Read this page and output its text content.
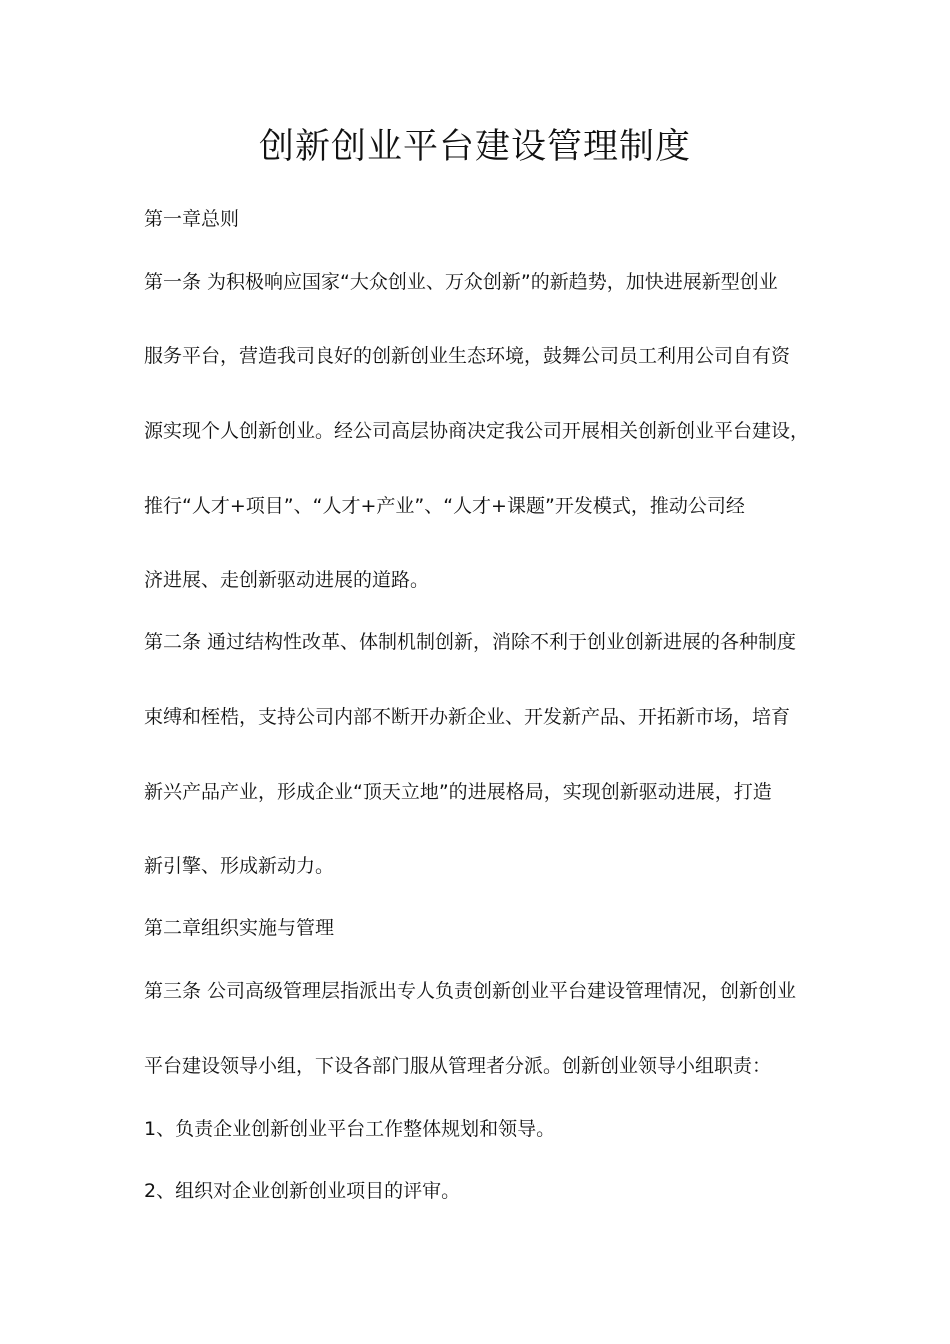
创新创业平台建设管理制度
第一章总则
第一条 为积极响应国家“大众创业、万众创新”的新趋势，加快进展新型创业
服务平台，营造我司良好的创新创业生态环境，鼓舞公司员工利用公司自有资
源实现个人创新创业。经公司高层协商决定我公司开展相关创新创业平台建设，
推行“人才+项目”、“人才+产业”、“人才+课题”开发模式，推动公司经
济进展、走创新驱动进展的道路。
第二条 通过结构性改革、体制机制创新，消除不利于创业创新进展的各种制度
束缚和桎梏，支持公司内部不断开办新企业、开发新产品、开拓新市场，培育
新兴产品产业，形成企业“顶天立地”的进展格局，实现创新驱动进展，打造
新引擎、形成新动力。
第二章组织实施与管理
第三条 公司高级管理层指派出专人负责创新创业平台建设管理情况，创新创业
平台建设领导小组，下设各部门服从管理者分派。创新创业领导小组职责：
1、负责企业创新创业平台工作整体规划和领导。
2、组织对企业创新创业项目的评审。
